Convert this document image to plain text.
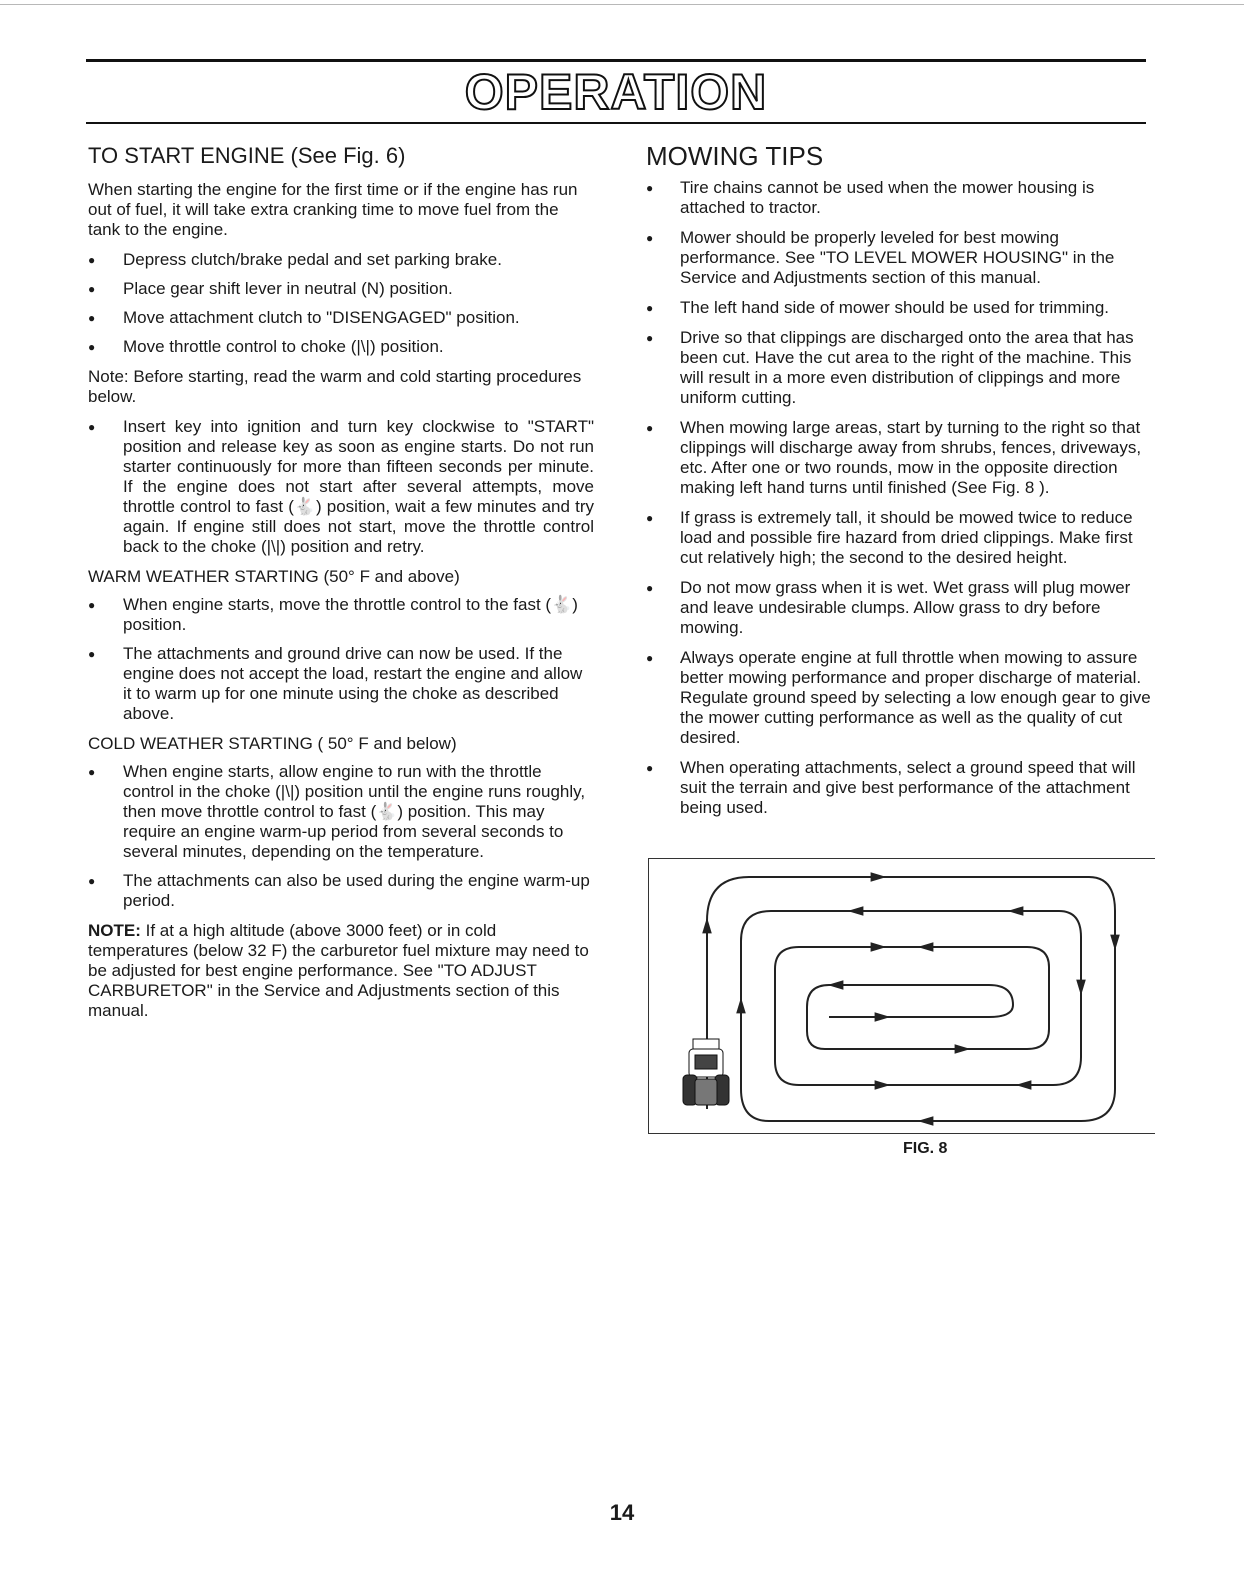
OPERATION
TO START ENGINE (See Fig. 6)

When starting the engine for the first time or if the engine has run out of fuel, it will take extra cranking time to move fuel from the tank to the engine.

● Depress clutch/brake pedal and set parking brake.
● Place gear shift lever in neutral (N) position.
● Move attachment clutch to "DISENGAGED" position.
● Move throttle control to choke (|\|) position.

Note: Before starting, read the warm and cold starting procedures below.

● Insert key into ignition and turn key clockwise to "START" position and release key as soon as engine starts. Do not run starter continuously for more than fifteen seconds per minute. If the engine does not start after several attempts, move throttle control to fast (🐇) position, wait a few minutes and try again. If engine still does not start, move the throttle control back to the choke (|\|) position and retry.

WARM WEATHER STARTING (50° F and above)

● When engine starts, move the throttle control to the fast (🐇) position.
● The attachments and ground drive can now be used. If the engine does not accept the load, restart the engine and allow it to warm up for one minute using the choke as described above.

COLD WEATHER STARTING ( 50° F and below)

● When engine starts, allow engine to run with the throttle control in the choke (|\|) position until the engine runs roughly, then move throttle control to fast (🐇) position. This may require an engine warm-up period from several seconds to several minutes, depending on the temperature.
● The attachments can also be used during the engine warm-up period.

NOTE: If at a high altitude (above 3000 feet) or in cold temperatures (below 32 F) the carburetor fuel mixture may need to be adjusted for best engine performance. See "TO ADJUST CARBURETOR" in the Service and Adjustments section of this manual.

MOWING TIPS
● Tire chains cannot be used when the mower housing is attached to tractor.
● Mower should be properly leveled for best mowing performance. See "TO LEVEL MOWER HOUSING" in the Service and Adjustments section of this manual.
● The left hand side of mower should be used for trimming.
● Drive so that clippings are discharged onto the area that has been cut. Have the cut area to the right of the machine. This will result in a more even distribution of clippings and more uniform cutting.
● When mowing large areas, start by turning to the right so that clippings will discharge away from shrubs, fences, driveways, etc. After one or two rounds, mow in the opposite direction making left hand turns until finished (See Fig. 8 ).
● If grass is extremely tall, it should be mowed twice to reduce load and possible fire hazard from dried clippings. Make first cut relatively high; the second to the desired height.
● Do not mow grass when it is wet. Wet grass will plug mower and leave undesirable clumps. Allow grass to dry before mowing.
● Always operate engine at full throttle when mowing to assure better mowing performance and proper discharge of material. Regulate ground speed by selecting a low enough gear to give the mower cutting performance as well as the quality of cut desired.
● When operating attachments, select a ground speed that will suit the terrain and give best performance of the attachment being used.
FIG. 8
14
